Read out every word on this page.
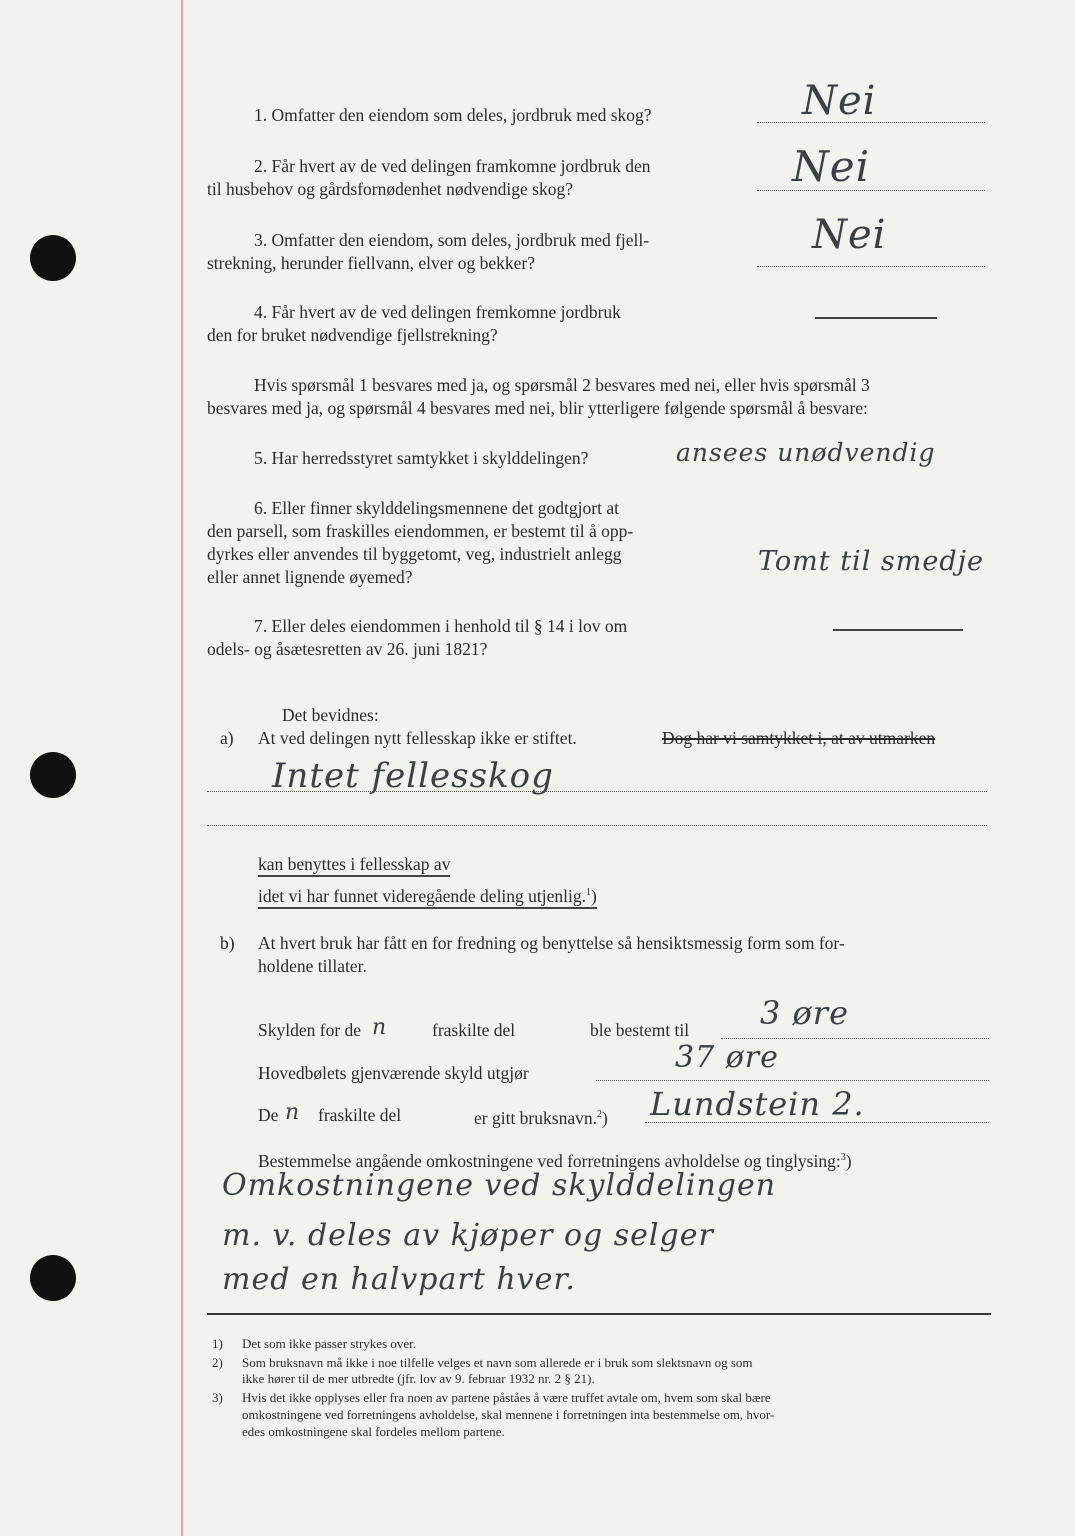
1. Omfatter den eiendom som deles, jordbruk med skog?	Nei
2. Får hvert av de ved delingen framkomne jordbruk den
til husbehov og gårdsfornødenhet nødvendige skog?	Nei
3. Omfatter den eiendom, som deles, jordbruk med fjell-
strekning, herunder fiellvann, elver og bekker?
Nei
4. Får hvert av de ved delingen fremkomne jordbruk
den for bruket nødvendige fjellstrekning?
Hvis spørsmål 1 besvares med ja, og spørsmål 2 besvares med nei, eller hvis spørsmål 3
besvares med ja, og spørsmål 4 besvares med nei, blir ytterligere følgende spørsmål å besvare:
5. Har herredsstyret samtykket i skylddelingen?	ansees unødvendig
6. Eller finner skylddelingsmennene det godtgjort at
den parsell, som fraskilles eiendommen, er bestemt til å opp-
dyrkes eller anvendes til byggetomt, veg, industrielt anlegg
eller annet lignende øyemed?	Tomt til smedje
7. Eller deles eiendommen i henhold til § 14 i lov om
odels- og åsætesretten av 26. juni 1821?
Det bevidnes:
a) At ved delingen nytt fellesskap ikke er stiftet.	Dog har vi samtykket i, at av utmarken
Intet fellesskog
kan benyttes i fellesskap av
idet vi har funnet videregående deling utjenlig.$^1$)
b) At hvert bruk har fått en for fredning og benyttelse så hensiktsmessig form som for-
holdene tillater.
Skylden for de n	fraskilte del	ble bestemt til 3 øre
Hovedbølets gjenværende skyld utgjør	37 øre
De n fraskilte del	er gitt bruksnavn.$^2$) Lundstein 2.
Bestemmelse angående omkostningene ved forretningens avholdelse og tinglysing:$^3$)
Omkostningene ved skylddelingen
m. v. deles av kjøper og selger
med en halvpart hver.
1) Det som ikke passer strykes over.
2) Som bruksnavn må ikke i noe tilfelle velges et navn som allerede er i bruk som slektsnavn og som
ikke hører til de mer utbredte (jfr. lov av 9. februar 1932 nr. 2 § 21).
3) Hvis det ikke opplyses eller fra noen av partene påståes å være truffet avtale om, hvem som skal bære
omkostningene ved forretningens avholdelse, skal mennene i forretningen inta bestemmelse om, hvor-
edes omkostningene skal fordeles mellom partene.
